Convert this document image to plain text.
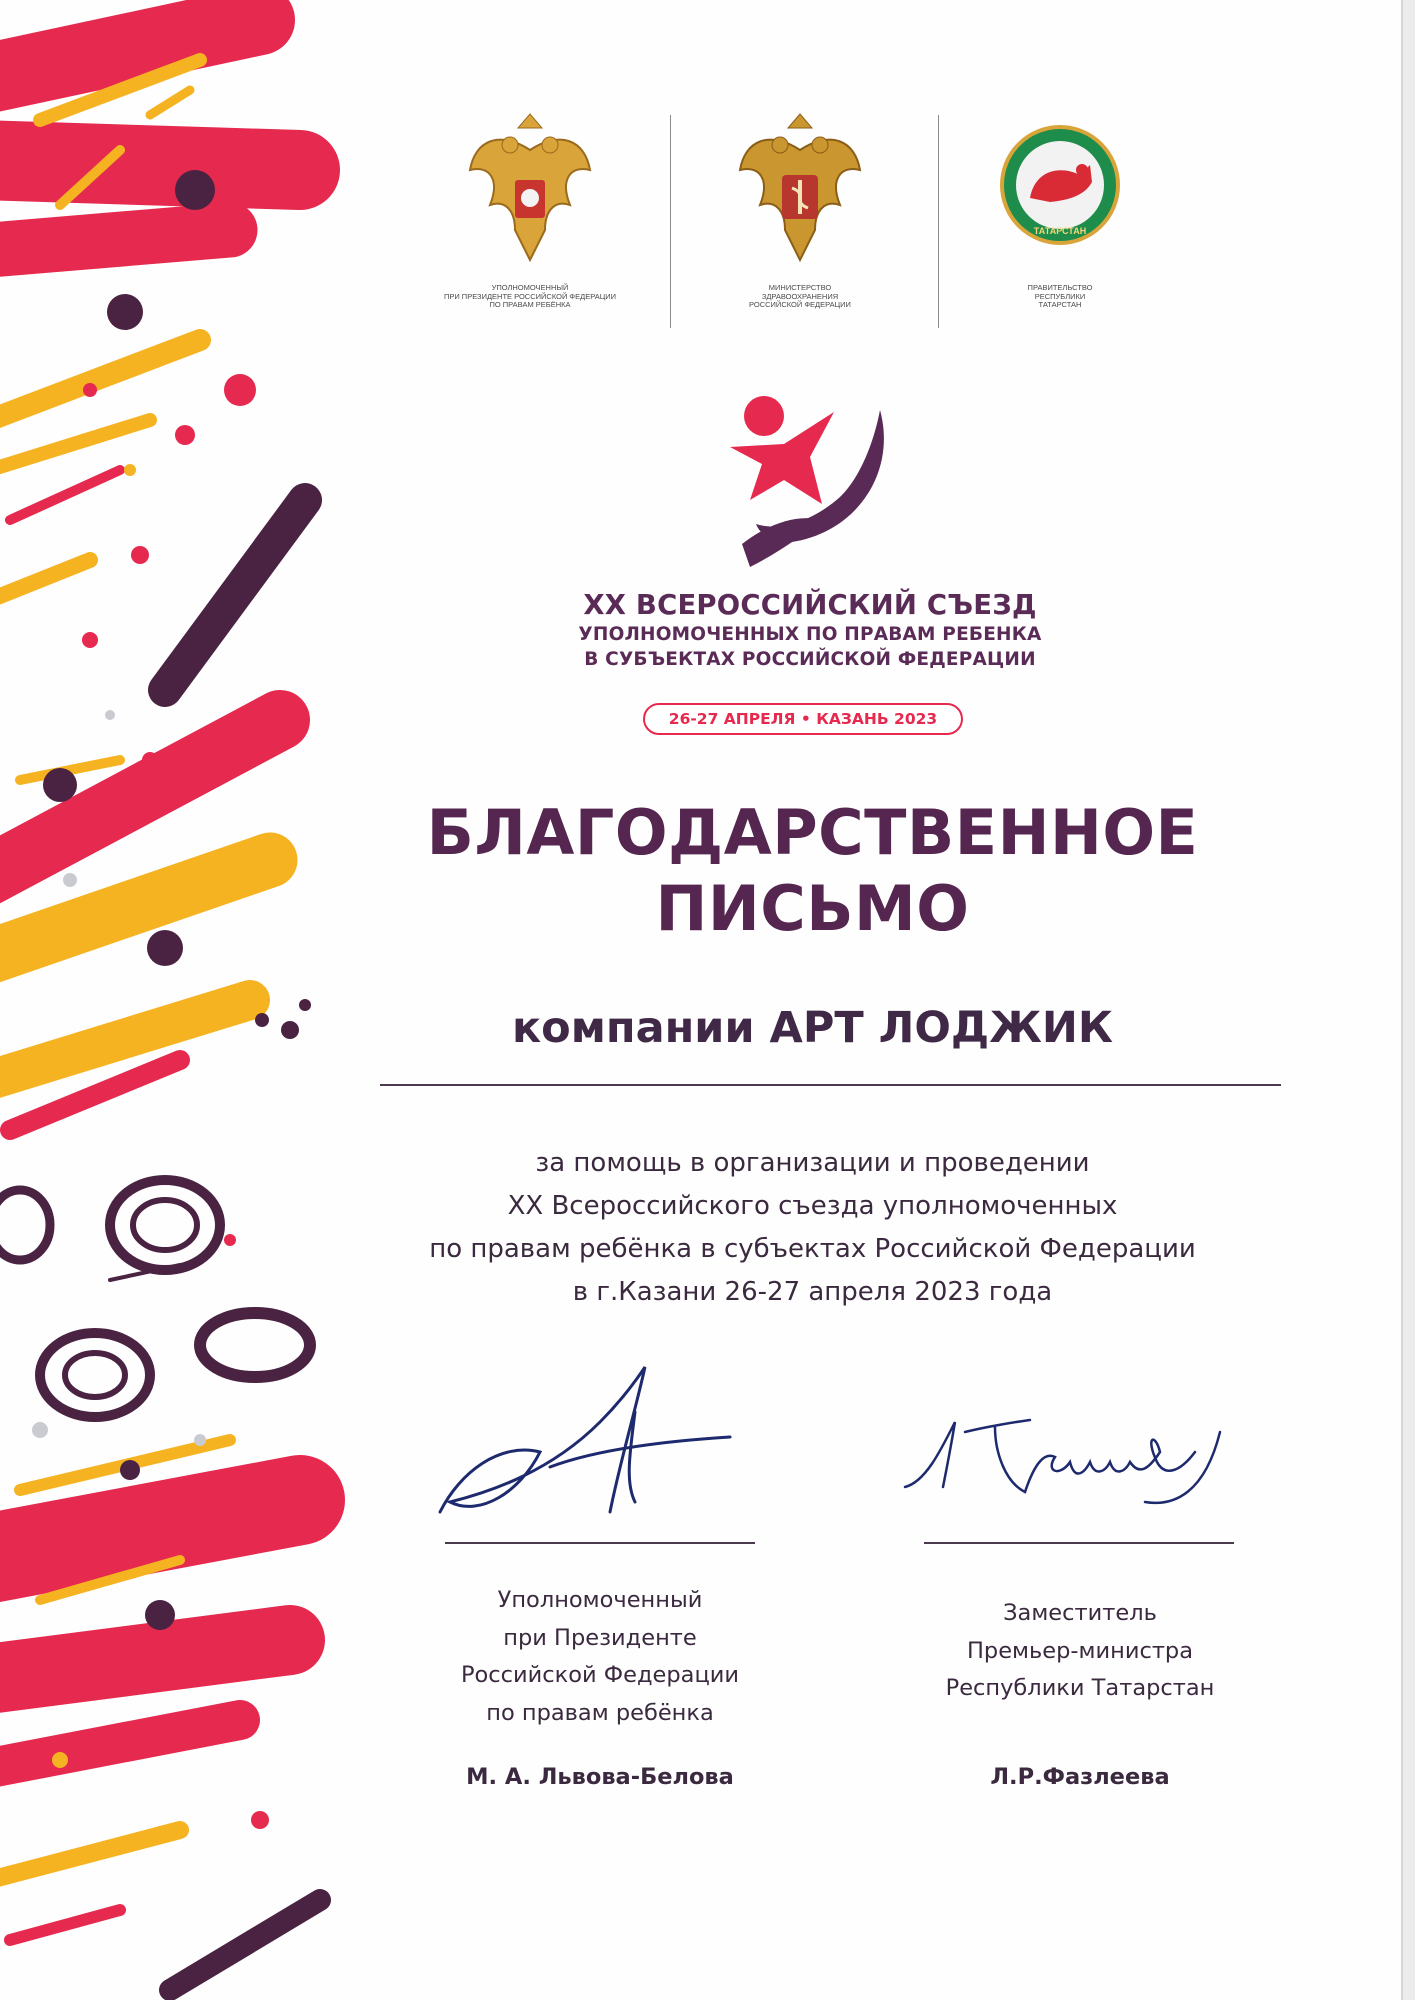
УПОЛНОМОЧЕННЫЙ
ПРИ ПРЕЗИДЕНТЕ РОССИЙСКОЙ ФЕДЕРАЦИИ
ПО ПРАВАМ РЕБЁНКА
МИНИСТЕРСТВО
ЗДРАВООХРАНЕНИЯ
РОССИЙСКОЙ ФЕДЕРАЦИИ
ТАТАРСТАН
ПРАВИТЕЛЬСТВО
РЕСПУБЛИКИ
ТАТАРСТАН
XX ВСЕРОССИЙСКИЙ СЪЕЗД
УПОЛНОМОЧЕННЫХ ПО ПРАВАМ РЕБЕНКА
В СУБЪЕКТАХ РОССИЙСКОЙ ФЕДЕРАЦИИ
26-27 АПРЕЛЯ • КАЗАНЬ 2023
БЛАГОДАРСТВЕННОЕ
ПИСЬМО
компании АРТ ЛОДЖИК
за помощь в организации и проведении
XX Всероссийского съезда уполномоченных
по правам ребёнка в субъектах Российской Федерации
в г.Казани 26-27 апреля 2023 года
Уполномоченный
при Президенте
Российской Федерации
по правам ребёнка
Заместитель
Премьер-министра
Республики Татарстан
М. А. Львова-Белова	Л.Р.Фазлеева
